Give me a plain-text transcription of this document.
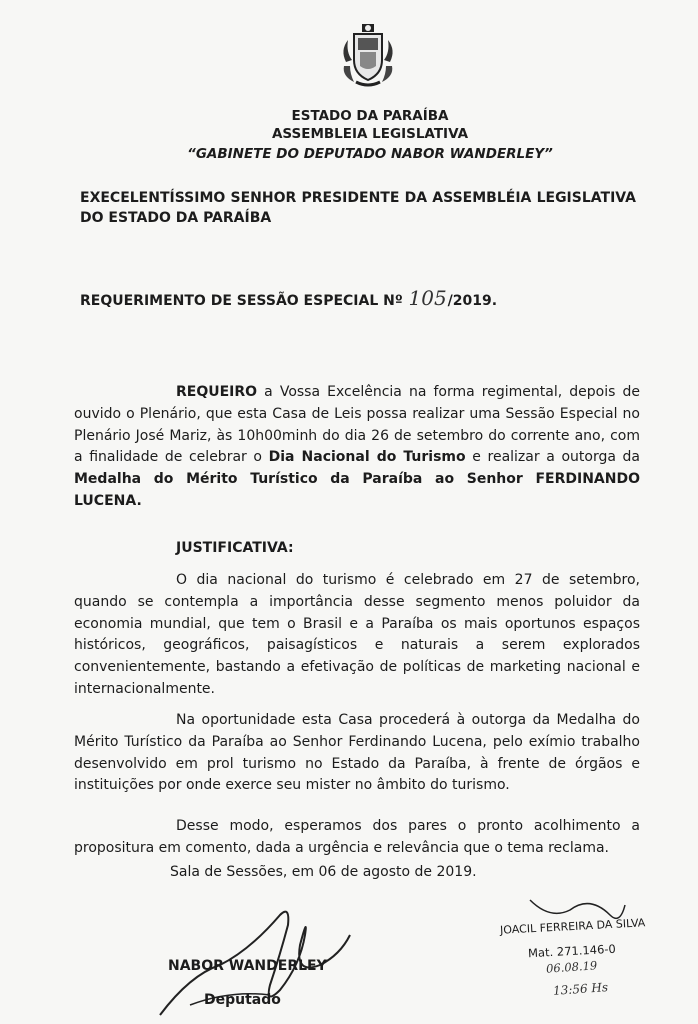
ESTADO DA PARAÍBA
ASSEMBLEIA LEGISLATIVA
“GABINETE DO DEPUTADO NABOR WANDERLEY”
EXECELENTÍSSIMO SENHOR PRESIDENTE DA ASSEMBLÉIA LEGISLATIVA DO ESTADO DA PARAÍBA
REQUERIMENTO DE SESSÃO ESPECIAL Nº 105/2019.
REQUEIRO a Vossa Excelência na forma regimental, depois de ouvido o Plenário, que esta Casa de Leis possa realizar uma Sessão Especial no Plenário José Mariz, às 10h00minh do dia 26 de setembro do corrente ano, com a finalidade de celebrar o Dia Nacional do Turismo e realizar a outorga da Medalha do Mérito Turístico da Paraíba ao Senhor FERDINANDO LUCENA.
JUSTIFICATIVA:
O dia nacional do turismo é celebrado em 27 de setembro, quando se contempla a importância desse segmento menos poluidor da economia mundial, que tem o Brasil e a Paraíba os mais oportunos espaços históricos, geográficos, paisagísticos e naturais a serem explorados convenientemente, bastando a efetivação de políticas de marketing nacional e internacionalmente.
Na oportunidade esta Casa procederá à outorga da Medalha do Mérito Turístico da Paraíba ao Senhor Ferdinando Lucena, pelo exímio trabalho desenvolvido em prol turismo no Estado da Paraíba, à frente de órgãos e instituições por onde exerce seu mister no âmbito do turismo.
Desse modo, esperamos dos pares o pronto acolhimento a propositura em comento, dada a urgência e relevância que o tema reclama.
Sala de Sessões, em 06 de agosto de 2019.
NABOR WANDERLEY
Deputado
JOACIL FERREIRA DA SILVA
Mat. 271.146-0
06.08.19
13:56 Hs
